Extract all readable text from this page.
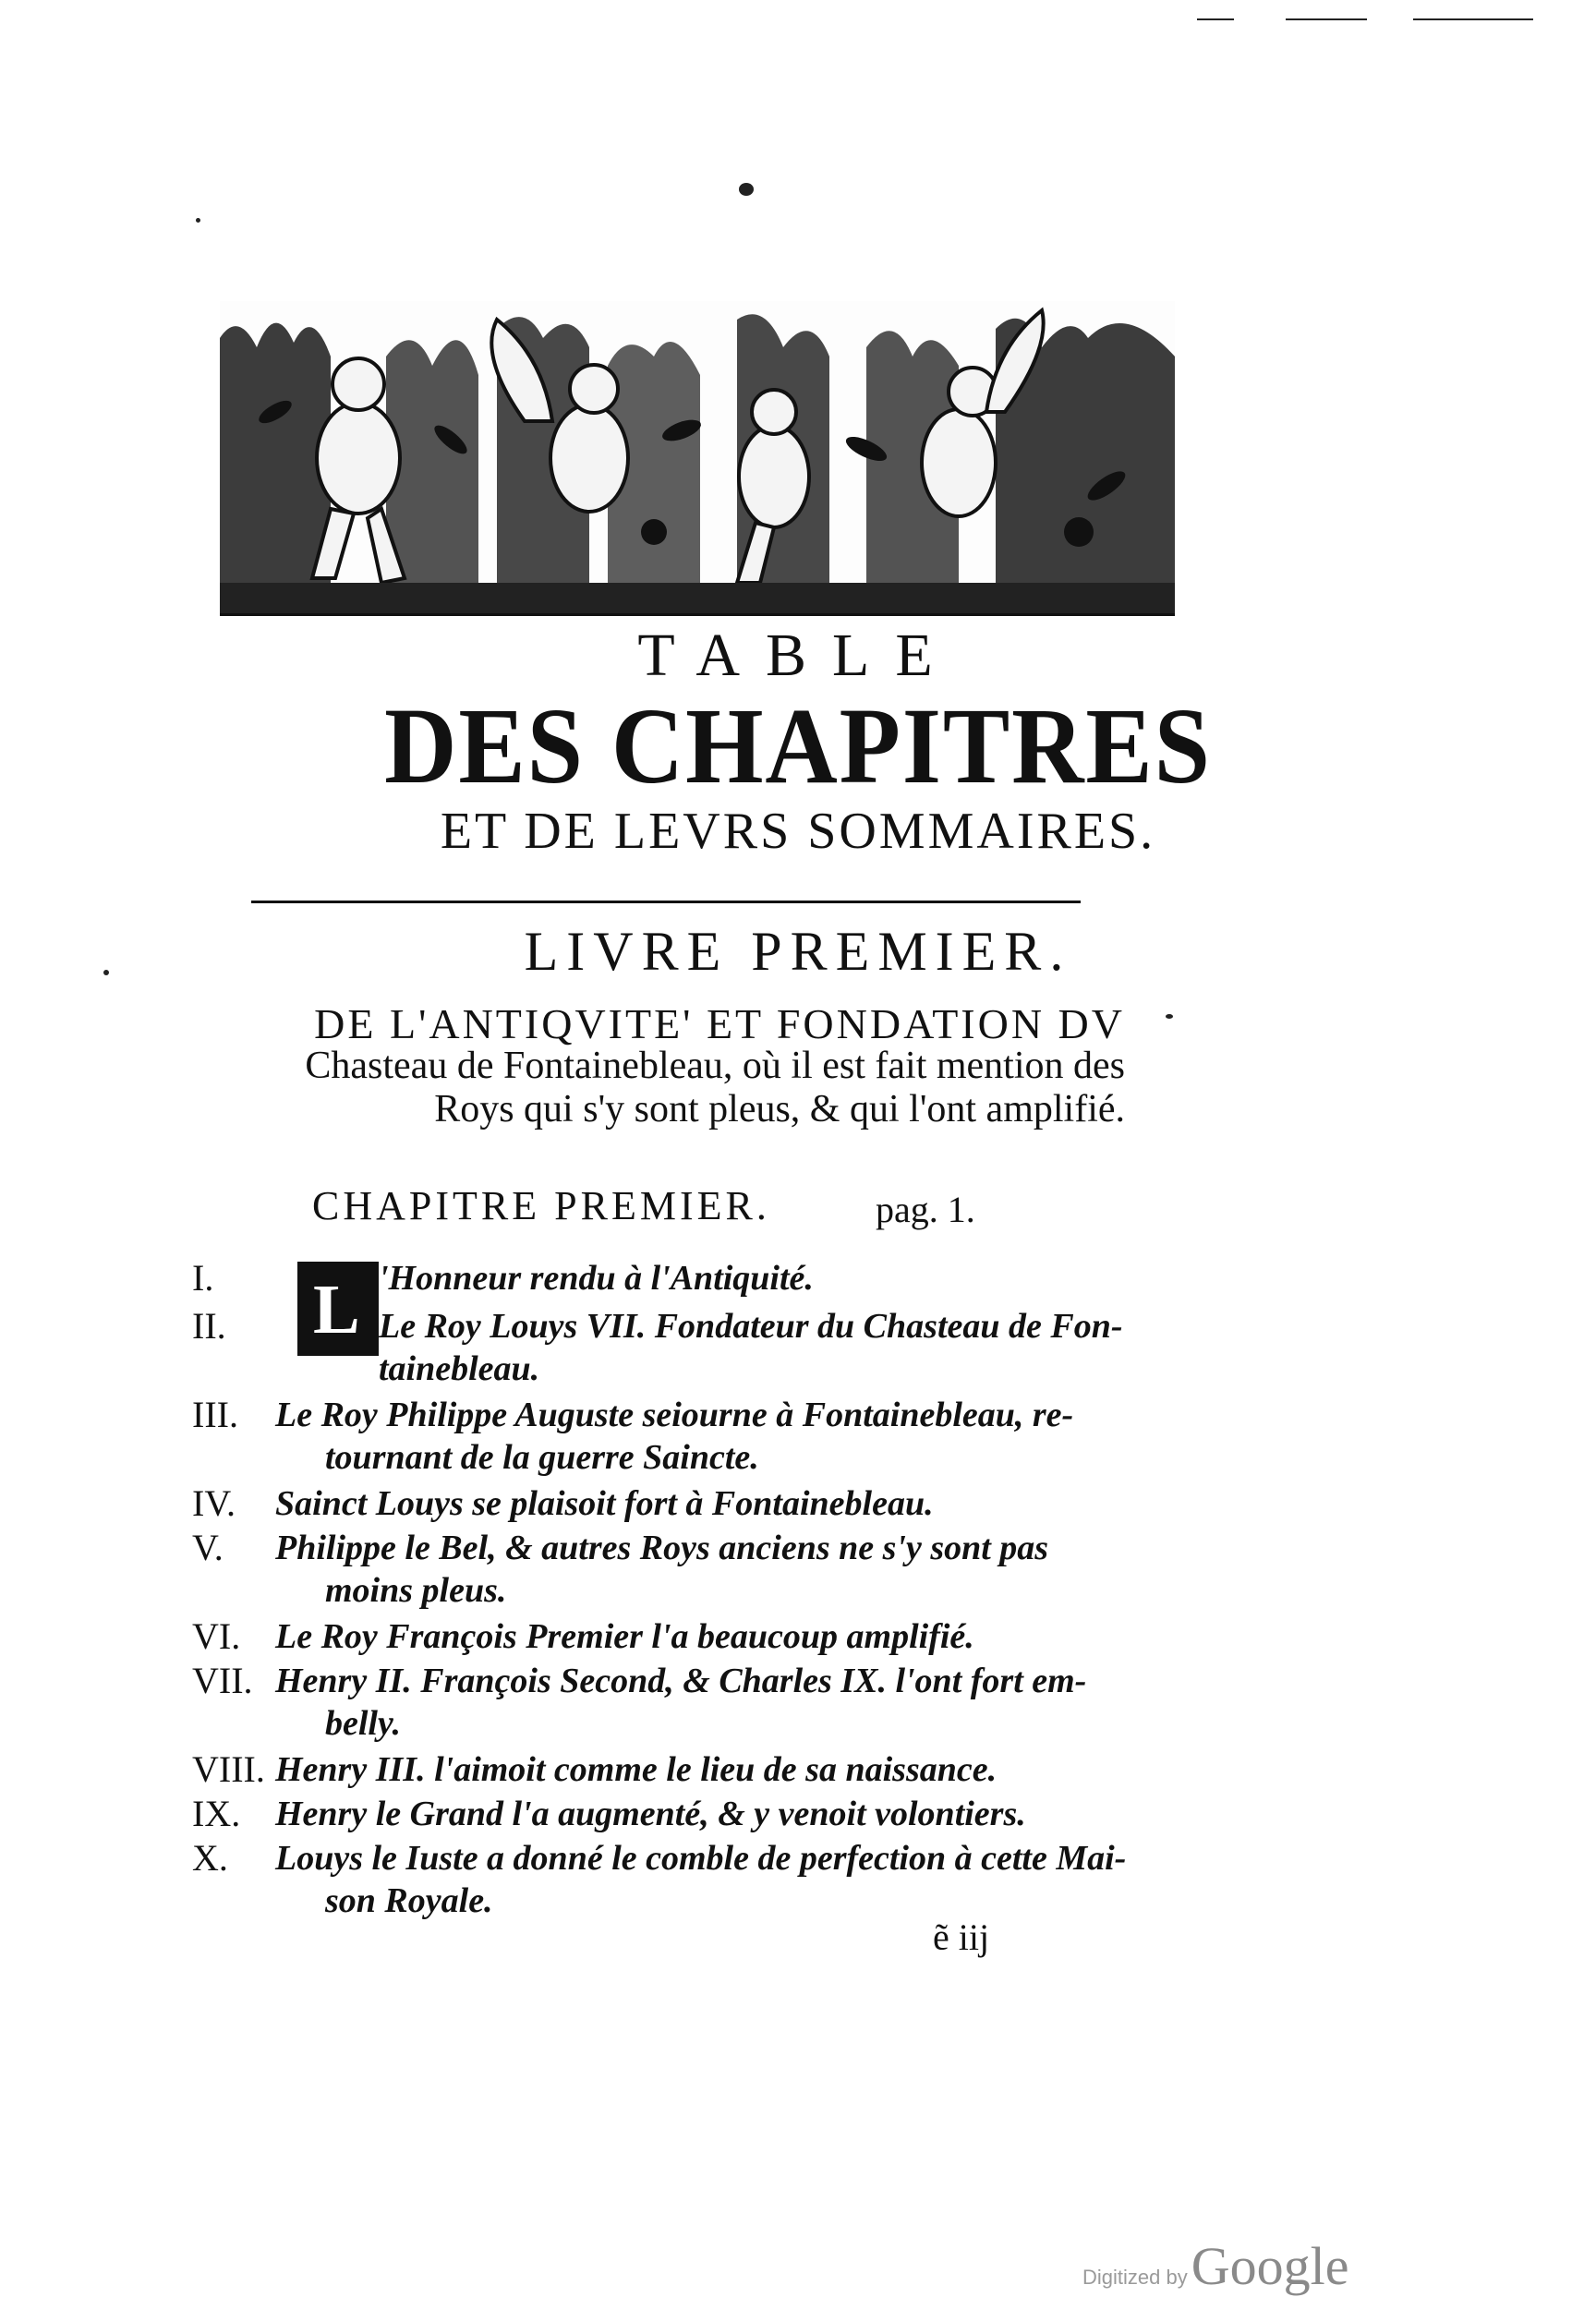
TABLE
DES CHAPITRES
ET DE LEVRS SOMMAIRES.
LIVRE PREMIER.
DE L'ANTIQVITE' ET FONDATION DV
Chasteau de Fontainebleau, où il est fait mention des
Roys qui s'y sont pleus, & qui l'ont amplifié.
CHAPITRE PREMIER.	pag. 1.
L
I.	'Honneur rendu à l'Antiquité.
II.	Le Roy Louys VII. Fondateur du Chasteau de Fon-
tainebleau.
III. Le Roy Philippe Auguste seiourne à Fontainebleau, re-
tournant de la guerre Saincte.
IV. Sainct Louys se plaisoit fort à Fontainebleau.
V. Philippe le Bel, & autres Roys anciens ne s'y sont pas
moins pleus.
VI. Le Roy François Premier l'a beaucoup amplifié.
VII. Henry II. François Second, & Charles IX. l'ont fort em-
belly.
VIII. Henry III. l'aimoit comme le lieu de sa naissance.
IX. Henry le Grand l'a augmenté, & y venoit volontiers.
X. Louys le Iuste a donné le comble de perfection à cette Mai-
son Royale.
ẽ iij
Digitized by Google
